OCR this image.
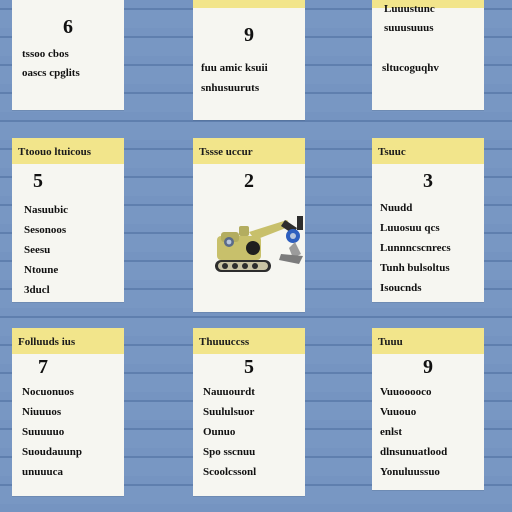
6
tssoo cbos
oascs cpglits
9
fuu amic ksuii
snhusuuruts
Luuustunc
suuusuuus
sltucoguqhv
Ttoouo ltuicous
5
Nasuubic
Sesonoos
Seesu
Ntoune
3ducl
Tssse uccur
2
Tsuuc
3
Nuudd
Luuosuu qcs
Lunnncscnrecs
Tunh bulsoltus
Isoucnds
Folluuds ius
7
Nocuonuos
Niuuuos
Suuuuuo
Suoudauunp
unuuuca
Thuuuccss
5
Nauuourdt
Suululsuor
Ounuo
Spo sscnuu
Scoolcssonl
Tuuu
9
Vuuooooco
Vuuouo
enlst
dlnsunuatlood
Yonuluussuo
